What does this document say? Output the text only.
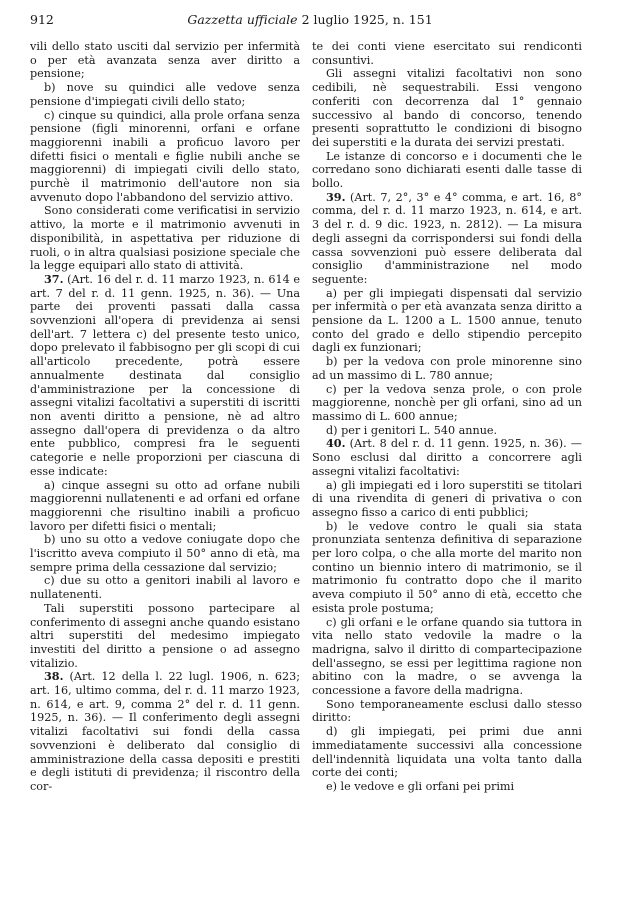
912	Gazzetta ufficiale 2 luglio 1925, n. 151

vili dello stato usciti dal servizio per infermità o per età avanzata senza aver diritto a pensione;

b) nove su quindici alle vedove senza pensione d'impiegati civili dello stato;

c) cinque su quindici, alla prole orfana senza pensione (figli minorenni, orfani e orfane maggiorenni inabili a proficuo lavoro per difetti fisici o mentali e figlie nubili anche se maggiorenni) di impiegati civili dello stato, purchè il matrimonio dell'autore non sia avvenuto dopo l'abbandono del servizio attivo.

Sono considerati come verificatisi in servizio attivo, la morte e il matrimonio avvenuti in disponibilità, in aspettativa per riduzione di ruoli, o in altra qualsiasi posizione speciale che la legge equipari allo stato di attività.

37. (Art. 16 del r. d. 11 marzo 1923, n. 614 e art. 7 del r. d. 11 genn. 1925, n. 36). — Una parte dei proventi passati dalla cassa sovvenzioni all'opera di previdenza ai sensi dell'art. 7 lettera c) del presente testo unico, dopo prelevato il fabbisogno per gli scopi di cui all'articolo precedente, potrà essere annualmente destinata dal consiglio d'amministrazione per la concessione di assegni vitalizi facoltativi a superstiti di iscritti non aventi diritto a pensione, nè ad altro assegno dall'opera di previdenza o da altro ente pubblico, compresi fra le seguenti categorie e nelle proporzioni per ciascuna di esse indicate:

a) cinque assegni su otto ad orfane nubili maggiorenni nullatenenti e ad orfani ed orfane maggiorenni che risultino inabili a proficuo lavoro per difetti fisici o mentali;

b) uno su otto a vedove coniugate dopo che l'iscritto aveva compiuto il 50° anno di età, ma sempre prima della cessazione dal servizio;

c) due su otto a genitori inabili al lavoro e nullatenenti.

Tali superstiti possono partecipare al conferimento di assegni anche quando esistano altri superstiti del medesimo impiegato investiti del diritto a pensione o ad assegno vitalizio.

38. (Art. 12 della l. 22 lugl. 1906, n. 623; art. 16, ultimo comma, del r. d. 11 marzo 1923, n. 614, e art. 9, comma 2° del r. d. 11 genn. 1925, n. 36). — Il conferimento degli assegni vitalizi facoltativi sui fondi della cassa sovvenzioni è deliberato dal consiglio di amministrazione della cassa depositi e prestiti e degli istituti di previdenza; il riscontro della cor-

te dei conti viene esercitato sui rendiconti consuntivi.

Gli assegni vitalizi facoltativi non sono cedibili, nè sequestrabili. Essi vengono conferiti con decorrenza dal 1° gennaio successivo al bando di concorso, tenendo presenti soprattutto le condizioni di bisogno dei superstiti e la durata dei servizi prestati.

Le istanze di concorso e i documenti che le corredano sono dichiarati esenti dalle tasse di bollo.

39. (Art. 7, 2°, 3° e 4° comma, e art. 16, 8° comma, del r. d. 11 marzo 1923, n. 614, e art. 3 del r. d. 9 dic. 1923, n. 2812). — La misura degli assegni da corrispondersi sui fondi della cassa sovvenzioni può essere deliberata dal consiglio d'amministrazione nel modo seguente:

a) per gli impiegati dispensati dal servizio per infermità o per età avanzata senza diritto a pensione da L. 1200 a L. 1500 annue, tenuto conto del grado e dello stipendio percepito dagli ex funzionari;

b) per la vedova con prole minorenne sino ad un massimo di L. 780 annue;

c) per la vedova senza prole, o con prole maggiorenne, nonchè per gli orfani, sino ad un massimo di L. 600 annue;

d) per i genitori L. 540 annue.

40. (Art. 8 del r. d. 11 genn. 1925, n. 36). — Sono esclusi dal diritto a concorrere agli assegni vitalizi facoltativi:

a) gli impiegati ed i loro superstiti se titolari di una rivendita di generi di privativa o con assegno fisso a carico di enti pubblici;

b) le vedove contro le quali sia stata pronunziata sentenza definitiva di separazione per loro colpa, o che alla morte del marito non contino un biennio intero di matrimonio, se il matrimonio fu contratto dopo che il marito aveva compiuto il 50° anno di età, eccetto che esista prole postuma;

c) gli orfani e le orfane quando sia tuttora in vita nello stato vedovile la madre o la madrigna, salvo il diritto di compartecipazione dell'assegno, se essi per legittima ragione non abitino con la madre, o se avvenga la concessione a favore della madrigna.

Sono temporaneamente esclusi dallo stesso diritto:

d) gli impiegati, pei primi due anni immediatamente successivi alla concessione dell'indennità liquidata una volta tanto dalla corte dei conti;

e) le vedove e gli orfani pei primi
